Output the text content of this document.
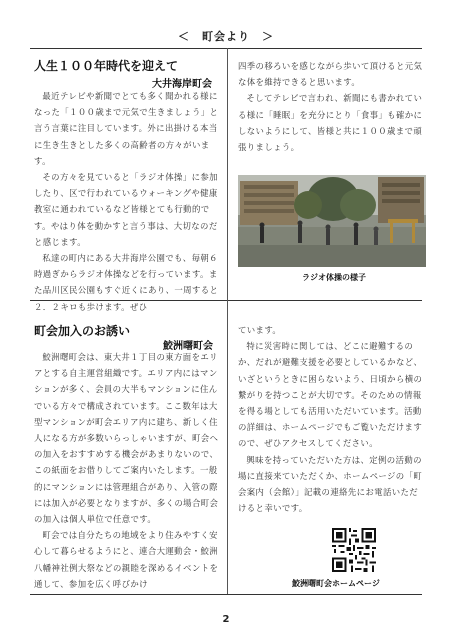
＜　町会より　＞
人生１００年時代を迎えて
大井海岸町会

最近テレビや新聞でとても多く聞かれる様になった「１００歳まで元気で生きましょう」と言う言葉に注目しています。外に出掛ける本当に生き生きとした多くの高齢者の方々がいます。

その方々を見ていると「ラジオ体操」に参加したり、区で行われているウォーキングや健康教室に通われているなど皆様とても行動的です。やはり体を動かすと言う事は、大切なのだと感じます。

私達の町内にある大井海岸公園でも、毎朝６時過ぎからラジオ体操などを行っています。また品川区民公園もすぐ近くにあり、一周すると２．２キロも歩けます。ぜひ

四季の移ろいを感じながら歩いて頂けると元気な体を維持できると思います。

そしてテレビで言われ、新聞にも書かれている様に「睡眠」を充分にとり「食事」も確かにしないようにして、皆様と共に１００歳まで頑張りましょう。

ラジオ体操の様子
町会加入のお誘い
鮫洲曙町会

鮫洲曙町会は、東大井１丁目の東方面をエリアとする自主運営組織です。エリア内にはマンションが多く、会員の大半もマンションに住んでいる方々で構成されています。ここ数年は大型マンションが町会エリア内に建ち、新しく住人になる方が多数いらっしゃいますが、町会への加入をおすすめする機会があまりないので、この紙面をお借りしてご案内いたします。一般的にマンションには管理組合があり、入管の際には加入が必要となりますが、多くの場合町会の加入は個人単位で任意です。

町会では自分たちの地域をより住みやすく安心して暮らせるようにと、連合大運動会・鮫洲八幡神社例大祭などの親睦を深めるイベントを通して、参加を広く呼びかけ

ています。

特に災害時に関しては、どこに避難するのか、だれが避難支援を必要としているかなど、いざというときに困らないよう、日頃から横の繋がりを持つことが大切です。そのための情報を得る場としても活用いただいています。活動の詳細は、ホームページでもご覧いただけますので、ぜひアクセスしてください。

興味を持っていただいた方は、定例の活動の場に直接来ていただくか、ホームページの「町会案内（会館）」記載の連絡先にお電話いただけると幸いです。

鮫洲曙町会ホームページ
2
